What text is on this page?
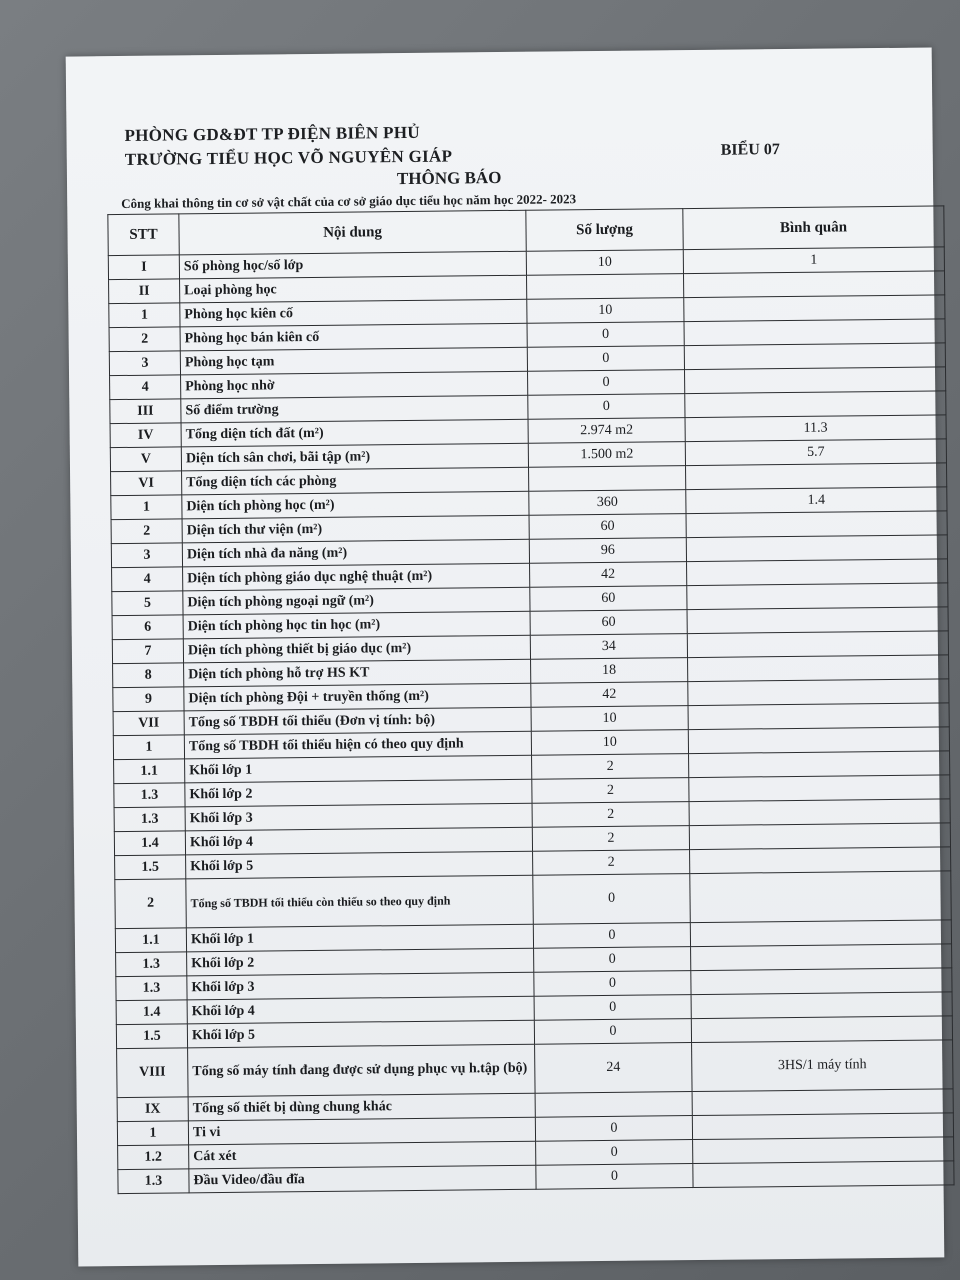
PHÒNG GD&ĐT TP ĐIỆN BIÊN PHỦ

TRƯỜNG TIỂU HỌC VÕ NGUYÊN GIÁP	BIỂU 07
THÔNG BÁO
Công khai thông tin cơ sở vật chất của cơ sở giáo dục tiểu học năm học 2022- 2023
STT	Nội dung	Số lượng	Bình quân
I	Số phòng học/số lớp	10	1
II	Loại phòng học		
1	Phòng học kiên cố	10	
2	Phòng học bán kiên cố	0	
3	Phòng học tạm	0	
4	Phòng học nhờ	0	
III	Số điểm trường	0	
IV	Tổng diện tích đất (m²)	2.974 m2	11.3
V	Diện tích sân chơi, bãi tập (m²)	1.500 m2	5.7
VI	Tổng diện tích các phòng		
1	Diện tích phòng học (m²)	360	1.4
2	Diện tích thư viện (m²)	60	
3	Diện tích nhà đa năng (m²)	96	
4	Diện tích phòng giáo dục nghệ thuật (m²)	42	
5	Diện tích phòng ngoại ngữ (m²)	60	
6	Diện tích phòng học tin học (m²)	60	
7	Diện tích phòng thiết bị giáo dục (m²)	34	
8	Diện tích phòng hỗ trợ HS KT	18	
9	Diện tích phòng Đội + truyền thống (m²)	42	
VII	Tổng số TBDH tối thiểu (Đơn vị tính: bộ)	10	
1	Tổng số TBDH tối thiểu hiện có theo quy định	10	
1.1	Khối lớp 1	2	
1.3	Khối lớp 2	2	
1.3	Khối lớp 3	2	
1.4	Khối lớp 4	2	
1.5	Khối lớp 5	2	
2	Tổng số TBDH tối thiểu còn thiếu so theo quy định	0	
1.1	Khối lớp 1	0	
1.3	Khối lớp 2	0	
1.3	Khối lớp 3	0	
1.4	Khối lớp 4	0	
1.5	Khối lớp 5	0	
VIII	Tổng số máy tính đang được sử dụng phục vụ h.tập (bộ)	24	3HS/1 máy tính
IX	Tổng số thiết bị dùng chung khác		
1	Ti vi	0	
1.2	Cát xét	0	
1.3	Đầu Video/đầu đĩa	0	
